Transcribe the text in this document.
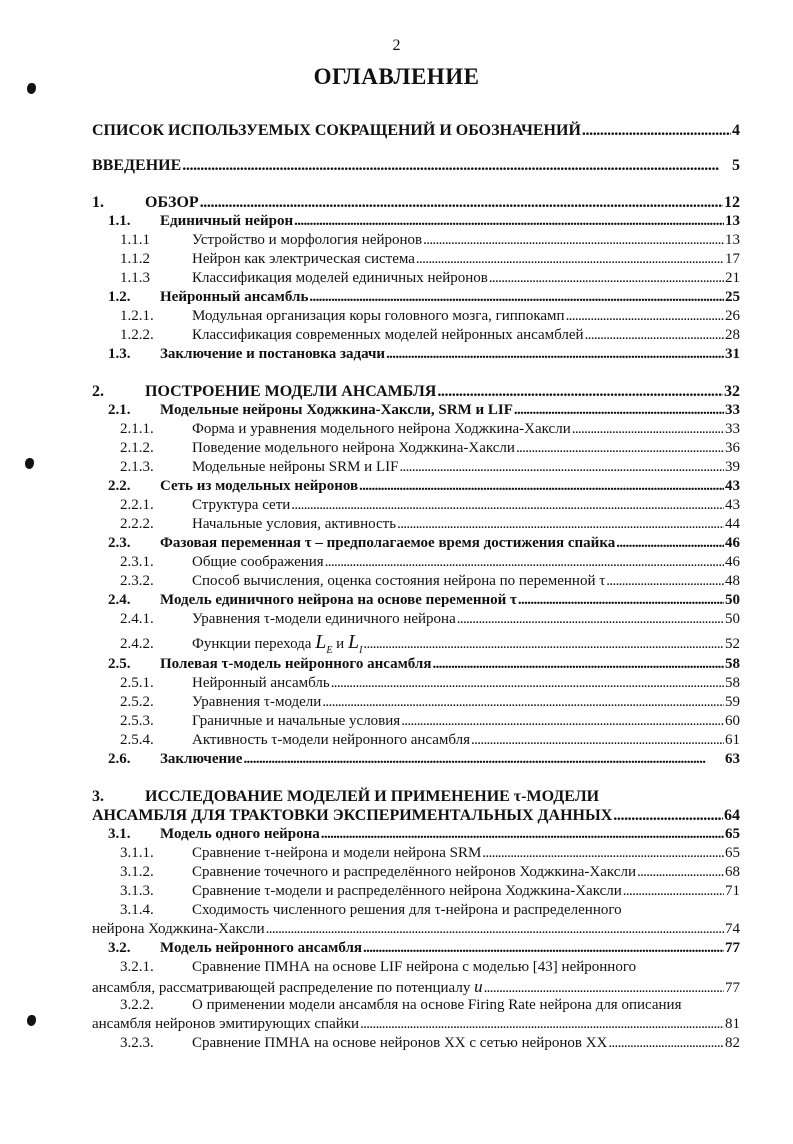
2
ОГЛАВЛЕНИЕ
СПИСОК ИСПОЛЬЗУЕМЫХ СОКРАЩЕНИЙ И ОБОЗНАЧЕНИЙ . . .	4
ВВЕДЕНИЕ . . .	5
1.	ОБЗОР . . .	12
1.1.	Единичный нейрон . . .	13
1.1.1	Устройство и морфология нейронов . . .	13
1.1.2	Нейрон как электрическая система . . .	17
1.1.3	Классификация моделей единичных нейронов . . .	21
1.2.	Нейронный ансамбль . . .	25
1.2.1.	Модульная организация коры головного мозга, гиппокамп . . .	26
1.2.2.	Классификация современных моделей нейронных ансамблей . . .	28
1.3.	Заключение и постановка задачи . . .	31
2.	ПОСТРОЕНИЕ МОДЕЛИ АНСАМБЛЯ . . .	32
2.1.	Модельные нейроны Ходжкина-Хаксли, SRM и LIF . . .	33
2.1.1.	Форма и уравнения модельного нейрона Ходжкина-Хаксли . . .	33
2.1.2.	Поведение модельного нейрона Ходжкина-Хаксли . . .	36
2.1.3.	Модельные нейроны SRM и LIF . . .	39
2.2.	Сеть из модельных нейронов . . .	43
2.2.1.	Структура сети . . .	43
2.2.2.	Начальные условия, активность . . .	44
2.3.	Фазовая переменная τ – предполагаемое время достижения спайка . . .	46
2.3.1.	Общие соображения . . .	46
2.3.2.	Способ вычисления, оценка состояния нейрона по переменной τ . . .	48
2.4.	Модель единичного нейрона на основе переменной τ . . .	50
2.4.1.	Уравнения τ-модели единичного нейрона . . .	50
2.4.2.	Функции перехода
$L_E$
и
$L_I$ . . .	52
2.5.	Полевая τ-модель нейронного ансамбля . . .	58
2.5.1.	Нейронный ансамбль . . .	58
2.5.2.	Уравнения τ-модели . . .	59
2.5.3.	Граничные и начальные условия . . .	60
2.5.4.	Активность τ-модели нейронного ансамбля . . .	61
2.6.	Заключение . . .	63
3.	ИССЛЕДОВАНИЕ МОДЕЛЕЙ И ПРИМЕНЕНИЕ τ-МОДЕЛИ
АНСАМБЛЯ ДЛЯ ТРАКТОВКИ ЭКСПЕРИМЕНТАЛЬНЫХ ДАННЫХ . . .	64
3.1.	Модель одного нейрона . . .	65
3.1.1.	Сравнение τ-нейрона и модели нейрона SRM . . .	65
3.1.2.	Сравнение точечного и распределённого нейронов Ходжкина-Хаксли . . .	68
3.1.3.	Сравнение τ-модели и распределённого нейрона Ходжкина-Хаксли . . .	71
3.1.4.	Сходимость численного решения для τ-нейрона и распределенного
нейрона Ходжкина-Хаксли . . .	74
3.2.	Модель нейронного ансамбля . . .	77
3.2.1.	Сравнение ПМНА на основе LIF нейрона с моделью [43] нейронного
ансамбля, рассматривающей распределение по потенциалу
u . . .	77
3.2.2.	О применении модели ансамбля на основе Firing Rate нейрона для описания
ансамбля нейронов эмитирующих спайки . . .	81
3.2.3.	Сравнение ПМНА на основе нейронов XX с сетью нейронов XX . . .	82
